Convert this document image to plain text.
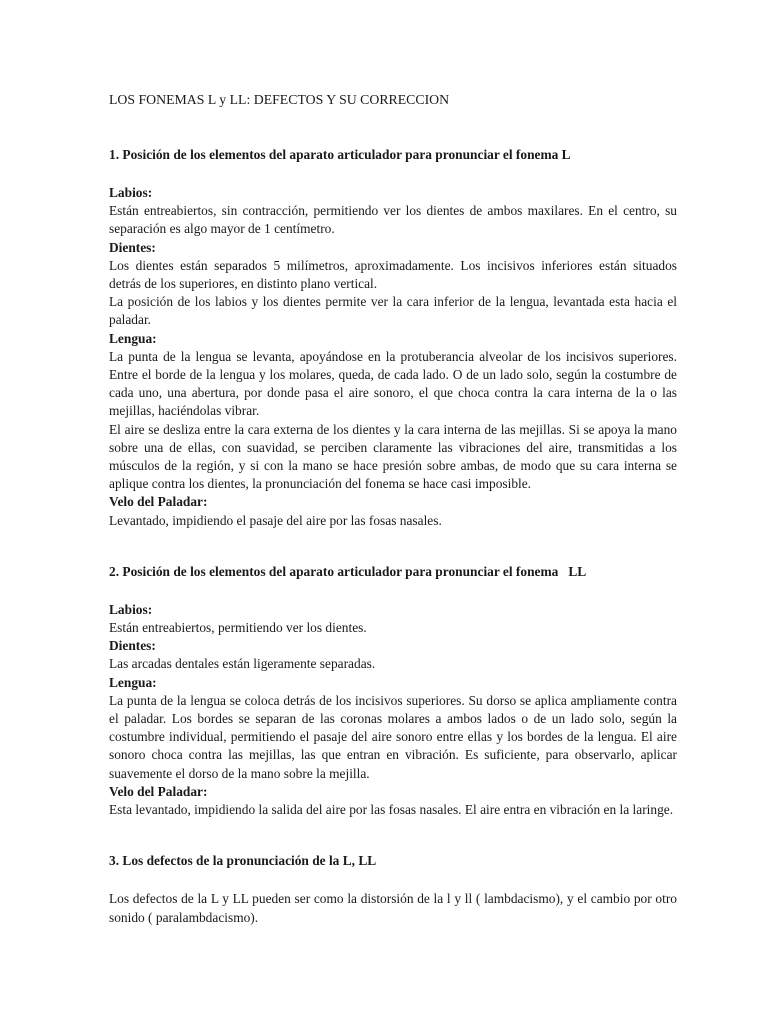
LOS FONEMAS L y LL: DEFECTOS Y SU CORRECCION

1. Posición de los elementos del aparato articulador para pronunciar el fonema L

Labios:

Están entreabiertos, sin contracción, permitiendo ver los dientes de ambos maxilares. En el centro, su separación es algo mayor de 1 centímetro.

Dientes:

Los dientes están separados 5 milímetros, aproximadamente. Los incisivos inferiores están situados detrás de los superiores, en distinto plano vertical.

La posición de los labios y los dientes permite ver la cara inferior de la lengua, levantada esta hacia el paladar.

Lengua:

La punta de la lengua se levanta, apoyándose en la protuberancia alveolar de los incisivos superiores. Entre el borde de la lengua y los molares, queda, de cada lado. O de un lado solo, según la costumbre de cada uno, una abertura, por donde pasa el aire sonoro, el que choca contra la cara interna de la o las mejillas, haciéndolas vibrar.

El aire se desliza entre la cara externa de los dientes y la cara interna de las mejillas. Si se apoya la mano sobre una de ellas, con suavidad, se perciben claramente las vibraciones del aire, transmitidas a los músculos de la región, y si con la mano se hace presión sobre ambas, de modo que su cara interna se aplique contra los dientes, la pronunciación del fonema se hace casi imposible.

Velo del Paladar:

Levantado, impidiendo el pasaje del aire por las fosas nasales.

2. Posición de los elementos del aparato articulador para pronunciar el fonema   LL

Labios:

Están entreabiertos, permitiendo ver los dientes.

Dientes:

Las arcadas dentales están ligeramente separadas.

Lengua:

La punta de la lengua se coloca detrás de los incisivos superiores. Su dorso se aplica ampliamente contra el paladar. Los bordes se separan de las coronas molares a ambos lados o de un lado solo, según la costumbre individual, permitiendo el pasaje del aire sonoro entre ellas y los bordes de la lengua. El aire sonoro choca contra las mejillas, las que entran en vibración. Es suficiente, para observarlo, aplicar suavemente el dorso de la mano sobre la mejilla.

Velo del Paladar:

Esta levantado, impidiendo la salida del aire por las fosas nasales. El aire entra en vibración en la laringe.

3. Los defectos de la pronunciación de la L, LL

Los defectos de la L y LL pueden ser como la distorsión de la l y ll ( lambdacismo), y el cambio por otro sonido ( paralambdacismo).
